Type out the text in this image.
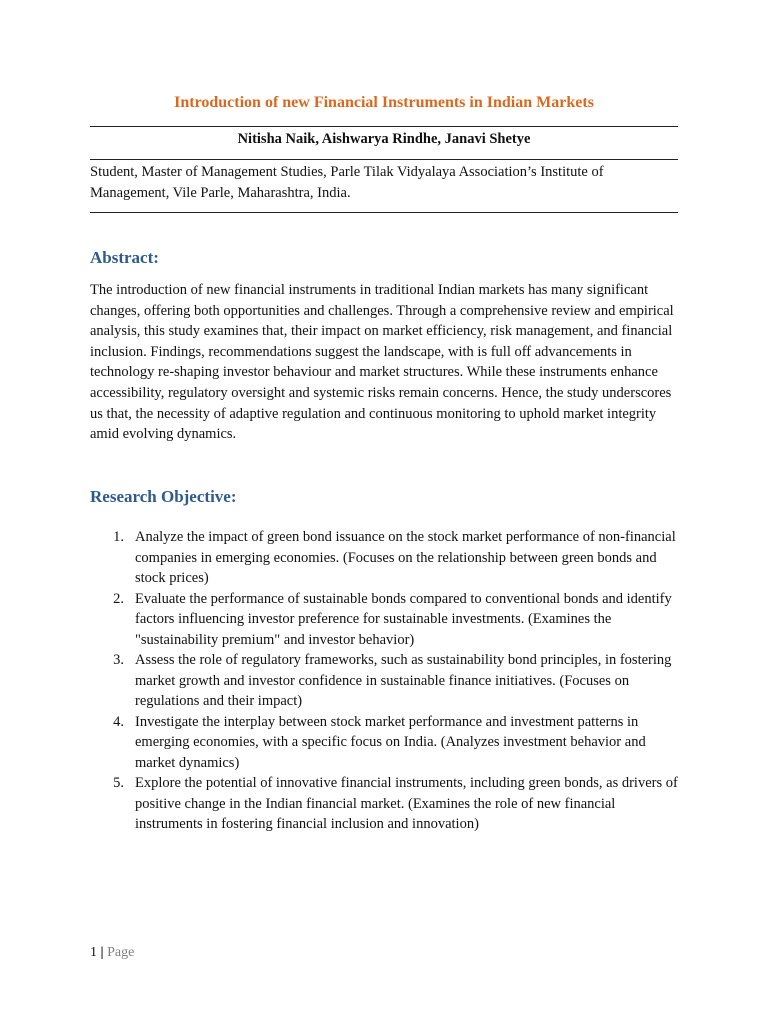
Introduction of new Financial Instruments in Indian Markets
Nitisha Naik, Aishwarya Rindhe, Janavi Shetye
Student, Master of Management Studies, Parle Tilak Vidyalaya Association’s Institute of Management, Vile Parle, Maharashtra, India.
Abstract:

The introduction of new financial instruments in traditional Indian markets has many significant changes, offering both opportunities and challenges. Through a comprehensive review and empirical analysis, this study examines that, their impact on market efficiency, risk management, and financial inclusion. Findings, recommendations suggest the landscape, with is full off advancements in technology re-shaping investor behaviour and market structures. While these instruments enhance accessibility, regulatory oversight and systemic risks remain concerns. Hence, the study underscores us that, the necessity of adaptive regulation and continuous monitoring to uphold market integrity amid evolving dynamics.

Research Objective:
1. Analyze the impact of green bond issuance on the stock market performance of non-financial companies in emerging economies. (Focuses on the relationship between green bonds and stock prices)
2. Evaluate the performance of sustainable bonds compared to conventional bonds and identify factors influencing investor preference for sustainable investments. (Examines the "sustainability premium" and investor behavior)
3. Assess the role of regulatory frameworks, such as sustainability bond principles, in fostering market growth and investor confidence in sustainable finance initiatives. (Focuses on regulations and their impact)
4. Investigate the interplay between stock market performance and investment patterns in emerging economies, with a specific focus on India. (Analyzes investment behavior and market dynamics)
5. Explore the potential of innovative financial instruments, including green bonds, as drivers of positive change in the Indian financial market. (Examines the role of new financial instruments in fostering financial inclusion and innovation)
1 | Page
